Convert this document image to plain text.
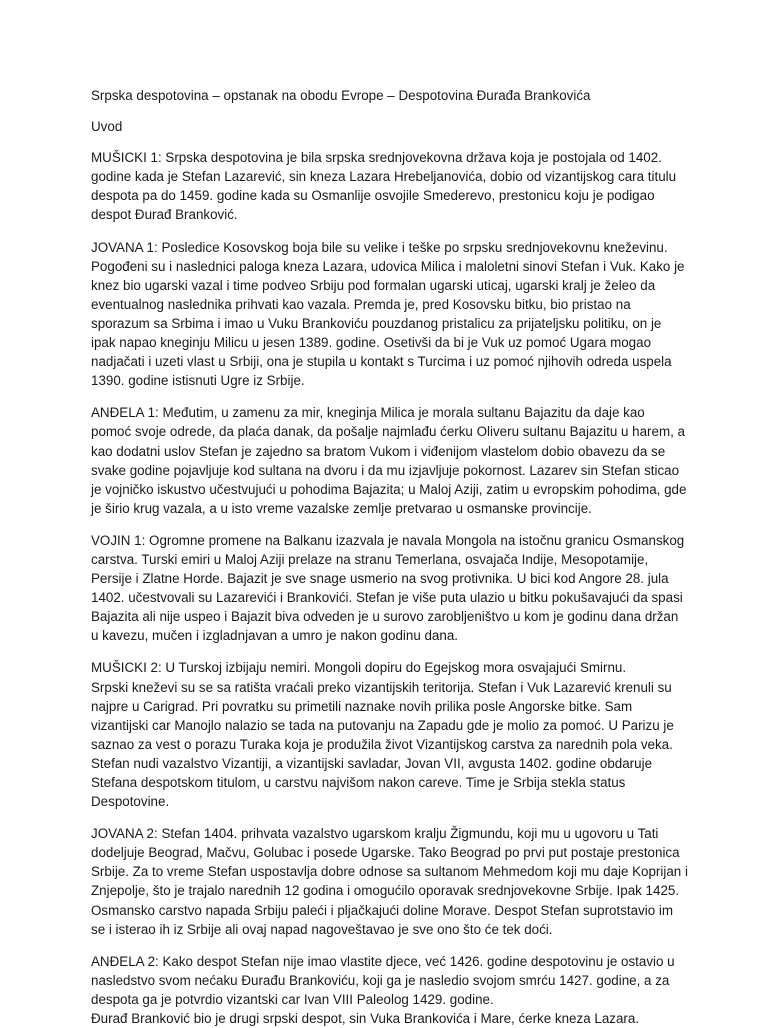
Srpska despotovina – opstanak na obodu Evrope – Despotovina Đurađa Brankovića

Uvod

MUŠICKI 1: Srpska despotovina je bila srpska srednjovekovna država koja je postojala od 1402. godine kada je Stefan Lazarević, sin kneza Lazara Hrebeljanovića, dobio od vizantijskog cara titulu despota pa do 1459. godine kada su Osmanlije osvojile Smederevo, prestonicu koju je podigao despot Đurađ Branković.

JOVANA 1: Posledice Kosovskog boja bile su velike i teške po srpsku srednjovekovnu kneževinu. Pogođeni su i naslednici paloga kneza Lazara, udovica Milica i maloletni sinovi Stefan i Vuk. Kako je knez bio ugarski vazal i time podveo Srbiju pod formalan ugarski uticaj, ugarski kralj je želeo da eventualnog naslednika prihvati kao vazala. Premda je, pred Kosovsku bitku, bio pristao na sporazum sa Srbima i imao u Vuku Brankoviću pouzdanog pristalicu za prijateljsku politiku, on je ipak napao kneginju Milicu u jesen 1389. godine. Osetivši da bi je Vuk uz pomoć Ugara mogao nadjačati i uzeti vlast u Srbiji, ona je stupila u kontakt s Turcima i uz pomoć njihovih odreda uspela 1390. godine istisnuti Ugre iz Srbije.

ANĐELA 1: Međutim, u zamenu za mir, kneginja Milica je morala sultanu Bajazitu da daje kao pomoć svoje odrede, da plaća danak, da pošalje najmlađu ćerku Oliveru sultanu Bajazitu u harem, a kao dodatni uslov Stefan je zajedno sa bratom Vukom i viđenijom vlastelom dobio obavezu da se svake godine pojavljuje kod sultana na dvoru i da mu izjavljuje pokornost. Lazarev sin Stefan sticao je vojničko iskustvo učestvujući u pohodima Bajazita; u Maloj Aziji, zatim u evropskim pohodima, gde je širio krug vazala, a u isto vreme vazalske zemlje pretvarao u osmanske provincije.

VOJIN 1: Ogromne promene na Balkanu izazvala je navala Mongola na istočnu granicu Osmanskog carstva. Turski emiri u Maloj Aziji prelaze na stranu Temerlana, osvajača Indije, Mesopotamije, Persije i Zlatne Horde. Bajazit je sve snage usmerio na svog protivnika. U bici kod Angore 28. jula 1402. učestvovali su Lazarevići i Brankovići. Stefan je više puta ulazio u bitku pokušavajući da spasi Bajazita ali nije uspeo i Bajazit biva odveden je u surovo zarobljeništvo u kom je godinu dana držan u kavezu, mučen i izgladnjavan a umro je nakon godinu dana.

MUŠICKI 2: U Turskoj izbijaju nemiri. Mongoli dopiru do Egejskog mora osvajajući Smirnu.
Srpski kneževi su se sa ratišta vraćali preko vizantijskih teritorija. Stefan i Vuk Lazarević krenuli su najpre u Carigrad. Pri povratku su primetili naznake novih prilika posle Angorske bitke. Sam vizantijski car Manojlo nalazio se tada na putovanju na Zapadu gde je molio za pomoć. U Parizu je saznao za vest o porazu Turaka koja je produžila život Vizantijskog carstva za narednih pola veka. Stefan nudi vazalstvo Vizantiji, a vizantijski savladar, Jovan VII, avgusta 1402. godine obdaruje Stefana despotskom titulom, u carstvu najvišom nakon careve. Time je Srbija stekla status Despotovine.

JOVANA 2: Stefan 1404. prihvata vazalstvo ugarskom kralju Žigmundu, koji mu u ugovoru u Tati dodeljuje Beograd, Mačvu, Golubac i posede Ugarske. Tako Beograd po prvi put postaje prestonica Srbije. Za to vreme Stefan uspostavlja dobre odnose sa sultanom Mehmedom koji mu daje Koprijan i Znjepolje, što je trajalo narednih 12 godina i omogućilo oporavak srednjovekovne Srbije. Ipak 1425. Osmansko carstvo napada Srbiju paleći i pljačkajući doline Morave. Despot Stefan suprotstavio im se i isterao ih iz Srbije ali ovaj napad nagoveštavao je sve ono što će tek doći.

ANĐELA 2: Kako despot Stefan nije imao vlastite djece, već 1426. godine despotovinu je ostavio u nasledstvo svom nećaku Đurađu Brankoviću, koji ga je nasledio svojom smrću 1427. godine, a za despota ga je potvrdio vizantski car Ivan VIII Paleolog 1429. godine.

Đurađ Branković bio je drugi srpski despot, sin Vuka Brankovića i Mare, ćerke kneza Lazara.
